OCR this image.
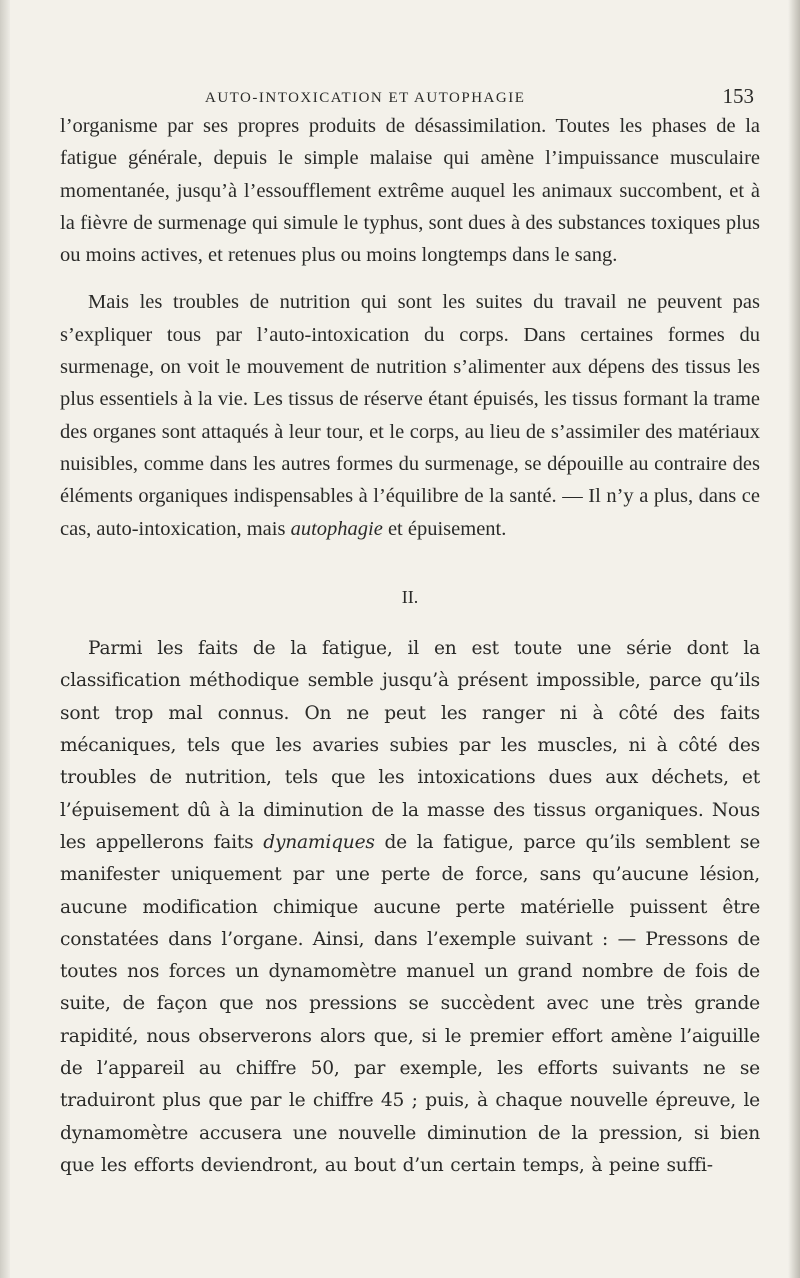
AUTO-INTOXICATION ET AUTOPHAGIE	153

l’organisme par ses propres produits de désassimilation. Toutes les phases de la fatigue générale, depuis le simple malaise qui amène l’impuissance musculaire momentanée, jusqu’à l’essoufflement extrême auquel les animaux succombent, et à la fièvre de surmenage qui simule le typhus, sont dues à des substances toxiques plus ou moins actives, et retenues plus ou moins longtemps dans le sang.

Mais les troubles de nutrition qui sont les suites du travail ne peuvent pas s’expliquer tous par l’auto-intoxication du corps. Dans certaines formes du surmenage, on voit le mouvement de nutrition s’alimenter aux dépens des tissus les plus essentiels à la vie. Les tissus de réserve étant épuisés, les tissus formant la trame des organes sont attaqués à leur tour, et le corps, au lieu de s’assimiler des matériaux nuisibles, comme dans les autres formes du surmenage, se dépouille au contraire des éléments organiques indispensables à l’équilibre de la santé. — Il n’y a plus, dans ce cas, auto-intoxication, mais autophagie et épuisement.

II.

Parmi les faits de la fatigue, il en est toute une série dont la classification méthodique semble jusqu’à présent impossible, parce qu’ils sont trop mal connus. On ne peut les ranger ni à côté des faits mécaniques, tels que les avaries subies par les muscles, ni à côté des troubles de nutrition, tels que les intoxications dues aux déchets, et l’épuisement dû à la diminution de la masse des tissus organiques. Nous les appellerons faits dynamiques de la fatigue, parce qu’ils semblent se manifester uniquement par une perte de force, sans qu’aucune lésion, aucune modification chimique aucune perte matérielle puissent être constatées dans l’organe. Ainsi, dans l’exemple suivant : — Pressons de toutes nos forces un dynamomètre manuel un grand nombre de fois de suite, de façon que nos pressions se succèdent avec une très grande rapidité, nous observerons alors que, si le premier effort amène l’aiguille de l’appareil au chiffre 50, par exemple, les efforts suivants ne se traduiront plus que par le chiffre 45 ; puis, à chaque nouvelle épreuve, le dynamomètre accusera une nouvelle diminution de la pression, si bien que les efforts deviendront, au bout d’un certain temps, à peine suffi-
